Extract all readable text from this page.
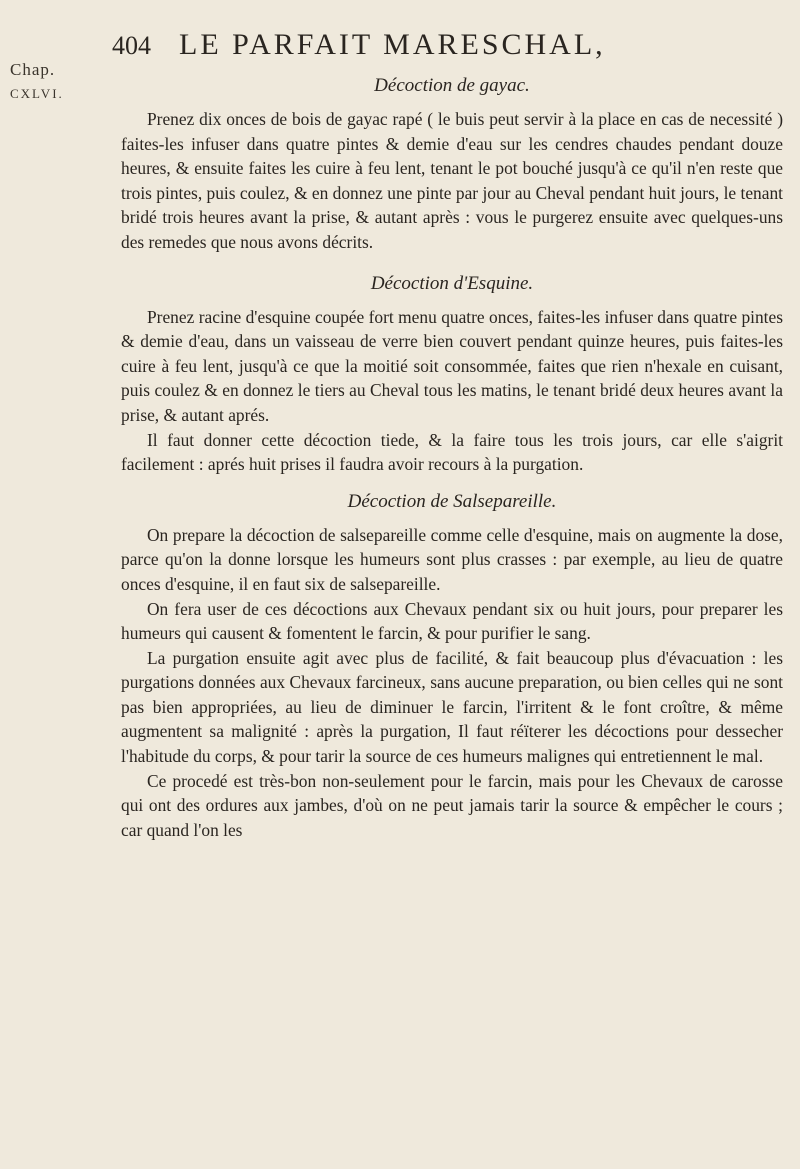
Chap.
CXLVI.
404 LE PARFAIT MARESCHAL,
Décoction de gayac.

Prenez dix onces de bois de gayac rapé ( le buis peut servir à la place en cas de necessité ) faites-les infuser dans quatre pintes & demie d'eau sur les cendres chaudes pendant douze heures, & ensuite faites les cuire à feu lent, tenant le pot bouché jusqu'à ce qu'il n'en reste que trois pintes, puis coulez, & en donnez une pinte par jour au Cheval pendant huit jours, le tenant bridé trois heures avant la prise, & autant après : vous le purgerez ensuite avec quelques-uns des remedes que nous avons décrits.

Décoction d'Esquine.

Prenez racine d'esquine coupée fort menu quatre onces, faites-les infuser dans quatre pintes & demie d'eau, dans un vaisseau de verre bien couvert pendant quinze heures, puis faites-les cuire à feu lent, jusqu'à ce que la moitié soit consommée, faites que rien n'hexale en cuisant, puis coulez & en donnez le tiers au Cheval tous les matins, le tenant bridé deux heures avant la prise, & autant aprés.

Il faut donner cette décoction tiede, & la faire tous les trois jours, car elle s'aigrit facilement : aprés huit prises il faudra avoir recours à la purgation.

Décoction de Salsepareille.

On prepare la décoction de salsepareille comme celle d'esquine, mais on augmente la dose, parce qu'on la donne lorsque les humeurs sont plus crasses : par exemple, au lieu de quatre onces d'esquine, il en faut six de salsepareille.

On fera user de ces décoctions aux Chevaux pendant six ou huit jours, pour preparer les humeurs qui causent & fomentent le farcin, & pour purifier le sang.

La purgation ensuite agit avec plus de facilité, & fait beaucoup plus d'évacuation : les purgations données aux Chevaux farcineux, sans aucune preparation, ou bien celles qui ne sont pas bien appropriées, au lieu de diminuer le farcin, l'irritent & le font croître, & même augmentent sa malignité : après la purgation, Il faut réïterer les décoctions pour dessecher l'habitude du corps, & pour tarir la source de ces humeurs malignes qui entretiennent le mal.

Ce procedé est très-bon non-seulement pour le farcin, mais pour les Chevaux de carosse qui ont des ordures aux jambes, d'où on ne peut jamais tarir la source & empêcher le cours ; car quand l'on les
